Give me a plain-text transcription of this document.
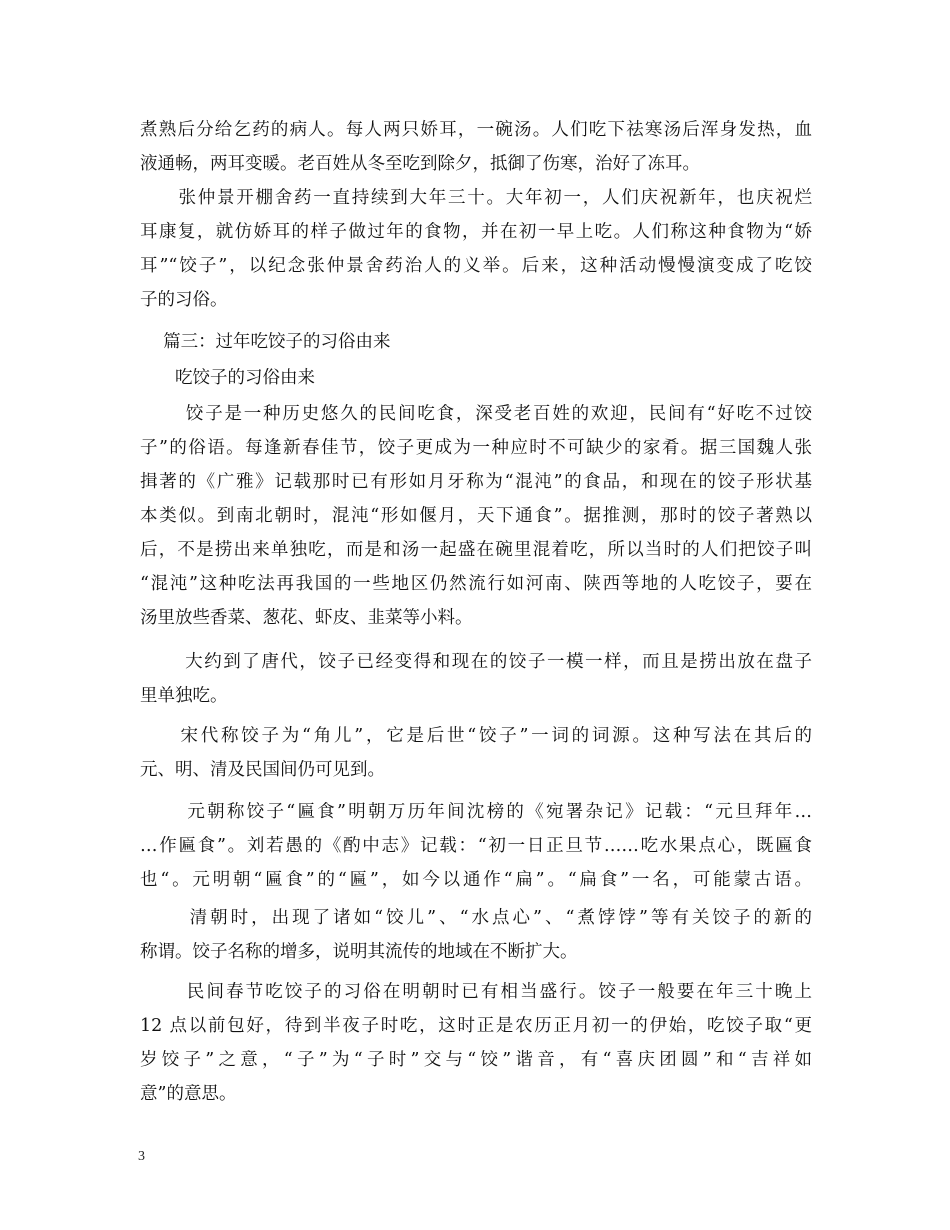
煮熟后分给乞药的病人。每人两只娇耳，一碗汤。人们吃下祛寒汤后浑身发热，血
液通畅，两耳变暖。老百姓从冬至吃到除夕，抵御了伤寒，治好了冻耳。
　　张仲景开棚舍药一直持续到大年三十。大年初一，人们庆祝新年，也庆祝烂
耳康复，就仿娇耳的样子做过年的食物，并在初一早上吃。人们称这种食物为“娇
耳”“饺子”，以纪念张仲景舍药治人的义举。后来，这种活动慢慢演变成了吃饺
子的习俗。
　 篇三：过年吃饺子的习俗由来
　　吃饺子的习俗由来
　　 饺子是一种历史悠久的民间吃食，深受老百姓的欢迎，民间有“好吃不过饺
子”的俗语。每逢新春佳节，饺子更成为一种应时不可缺少的家肴。据三国魏人张
揖著的《广雅》记载那时已有形如月牙称为“混沌”的食品，和现在的饺子形状基
本类似。到南北朝时，混沌“形如偃月，天下通食”。据推测，那时的饺子著熟以
后，不是捞出来单独吃，而是和汤一起盛在碗里混着吃，所以当时的人们把饺子叫
“混沌”这种吃法再我国的一些地区仍然流行如河南、陕西等地的人吃饺子，要在
汤里放些香菜、葱花、虾皮、韭菜等小料。
　　 大约到了唐代，饺子已经变得和现在的饺子一模一样，而且是捞出放在盘子
里单独吃。
　　宋代称饺子为“角儿”，它是后世“饺子”一词的词源。这种写法在其后的
元、明、清及民国间仍可见到。
　　 元朝称饺子“匾食”明朝万历年间沈榜的《宛署杂记》记载：“元旦拜年…
…作匾食”。刘若愚的《酌中志》记载：“初一日正旦节……吃水果点心，既匾食
也“。元明朝“匾食”的“匾”，如今以通作“扁”。“扁食”一名，可能蒙古语。
　　 清朝时，出现了诸如“饺儿”、“水点心”、“煮饽饽”等有关饺子的新的
称谓。饺子名称的增多，说明其流传的地域在不断扩大。
　　 民间春节吃饺子的习俗在明朝时已有相当盛行。饺子一般要在年三十晚上
12 点以前包好，待到半夜子时吃，这时正是农历正月初一的伊始，吃饺子取“更
岁饺子”之意，“子”为“子时”交与“饺”谐音，有“喜庆团圆”和“吉祥如
意”的意思。
3
